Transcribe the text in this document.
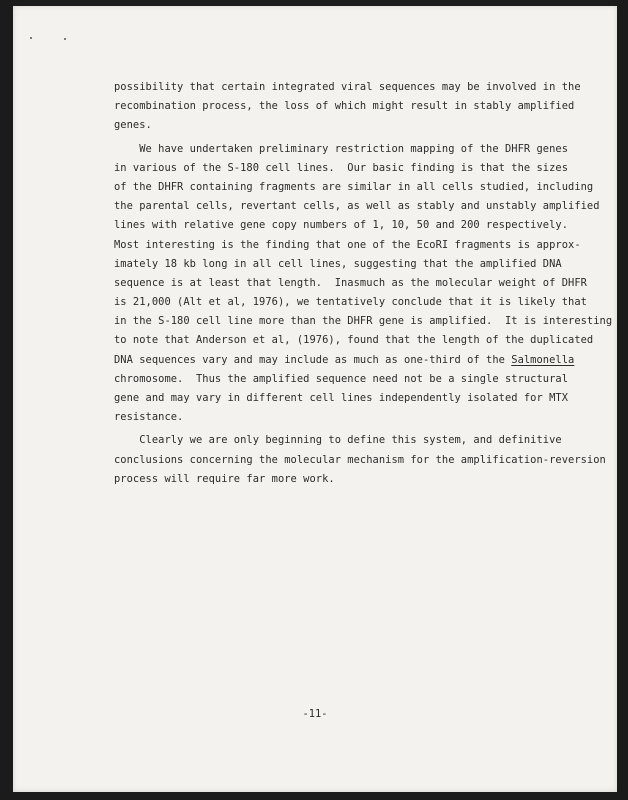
possibility that certain integrated viral sequences may be involved in the
recombination process, the loss of which might result in stably amplified
genes.
We have undertaken preliminary restriction mapping of the DHFR genes
in various of the S-180 cell lines.  Our basic finding is that the sizes
of the DHFR containing fragments are similar in all cells studied, including
the parental cells, revertant cells, as well as stably and unstably amplified
lines with relative gene copy numbers of 1, 10, 50 and 200 respectively.
Most interesting is the finding that one of the EcoRI fragments is approx-
imately 18 kb long in all cell lines, suggesting that the amplified DNA
sequence is at least that length.  Inasmuch as the molecular weight of DHFR
is 21,000 (Alt et al, 1976), we tentatively conclude that it is likely that
in the S-180 cell line more than the DHFR gene is amplified.  It is interesting
to note that Anderson et al, (1976), found that the length of the duplicated
DNA sequences vary and may include as much as one-third of the Salmonella
chromosome.  Thus the amplified sequence need not be a single structural
gene and may vary in different cell lines independently isolated for MTX
resistance.
Clearly we are only beginning to define this system, and definitive
conclusions concerning the molecular mechanism for the amplification-reversion
process will require far more work.
-11-
